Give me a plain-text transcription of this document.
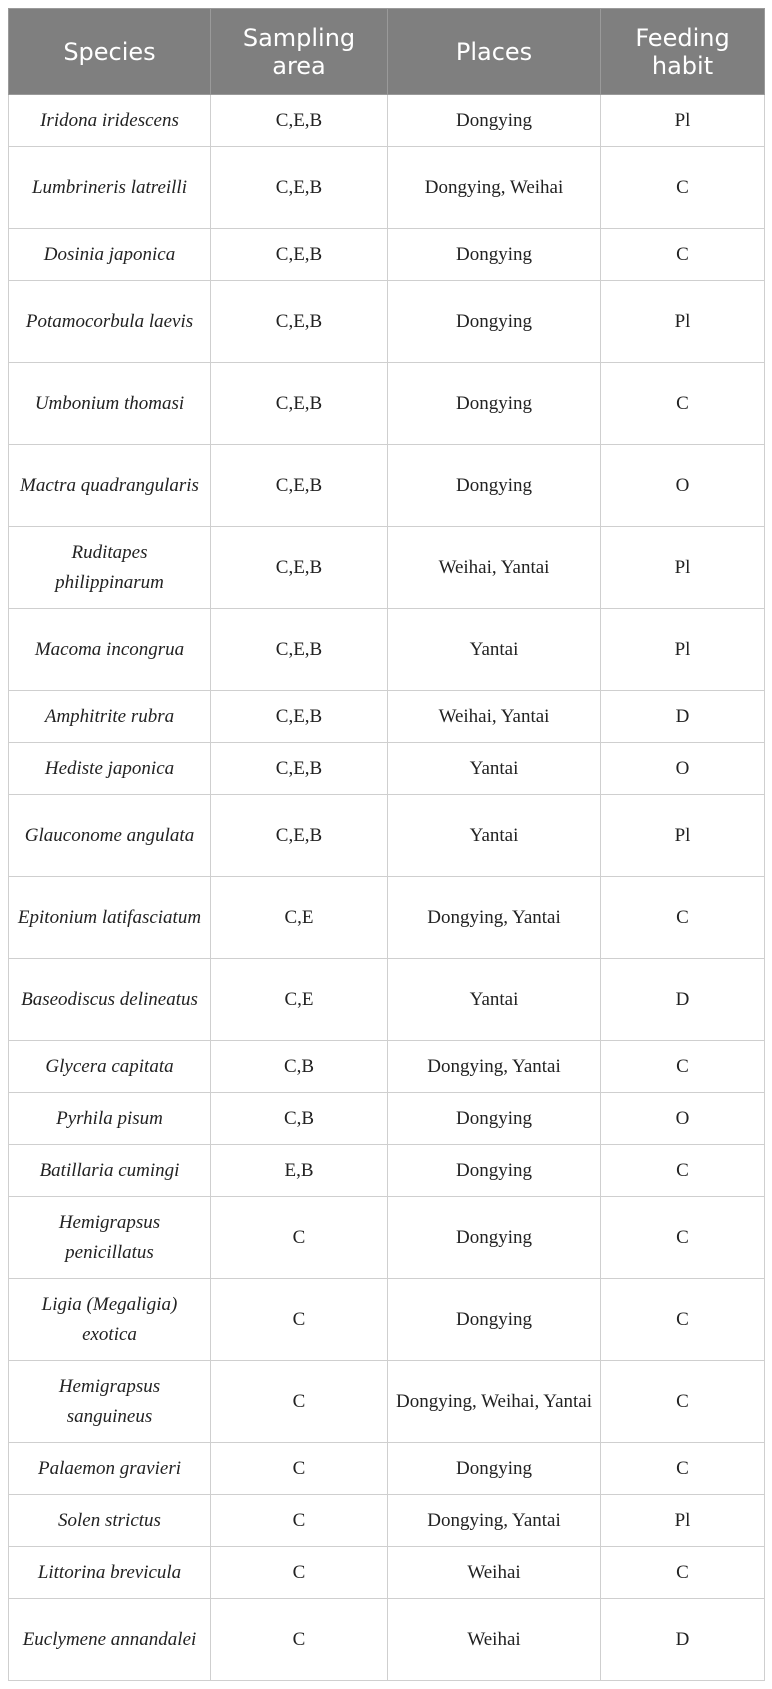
Species	Sampling area	Places	Feeding habit
Iridona iridescens	C,E,B	Dongying	Pl
Lumbrineris latreilli	C,E,B	Dongying, Weihai	C
Dosinia japonica	C,E,B	Dongying	C
Potamocorbula laevis	C,E,B	Dongying	Pl
Umbonium thomasi	C,E,B	Dongying	C
Mactra quadrangularis	C,E,B	Dongying	O
Ruditapes philippinarum	C,E,B	Weihai, Yantai	Pl
Macoma incongrua	C,E,B	Yantai	Pl
Amphitrite rubra	C,E,B	Weihai, Yantai	D
Hediste japonica	C,E,B	Yantai	O
Glauconome angulata	C,E,B	Yantai	Pl
Epitonium latifasciatum	C,E	Dongying, Yantai	C
Baseodiscus delineatus	C,E	Yantai	D
Glycera capitata	C,B	Dongying, Yantai	C
Pyrhila pisum	C,B	Dongying	O
Batillaria cumingi	E,B	Dongying	C
Hemigrapsus penicillatus	C	Dongying	C
Ligia (Megaligia) exotica	C	Dongying	C
Hemigrapsus sanguineus	C	Dongying, Weihai, Yantai	C
Palaemon gravieri	C	Dongying	C
Solen strictus	C	Dongying, Yantai	Pl
Littorina brevicula	C	Weihai	C
Euclymene annandalei	C	Weihai	D
